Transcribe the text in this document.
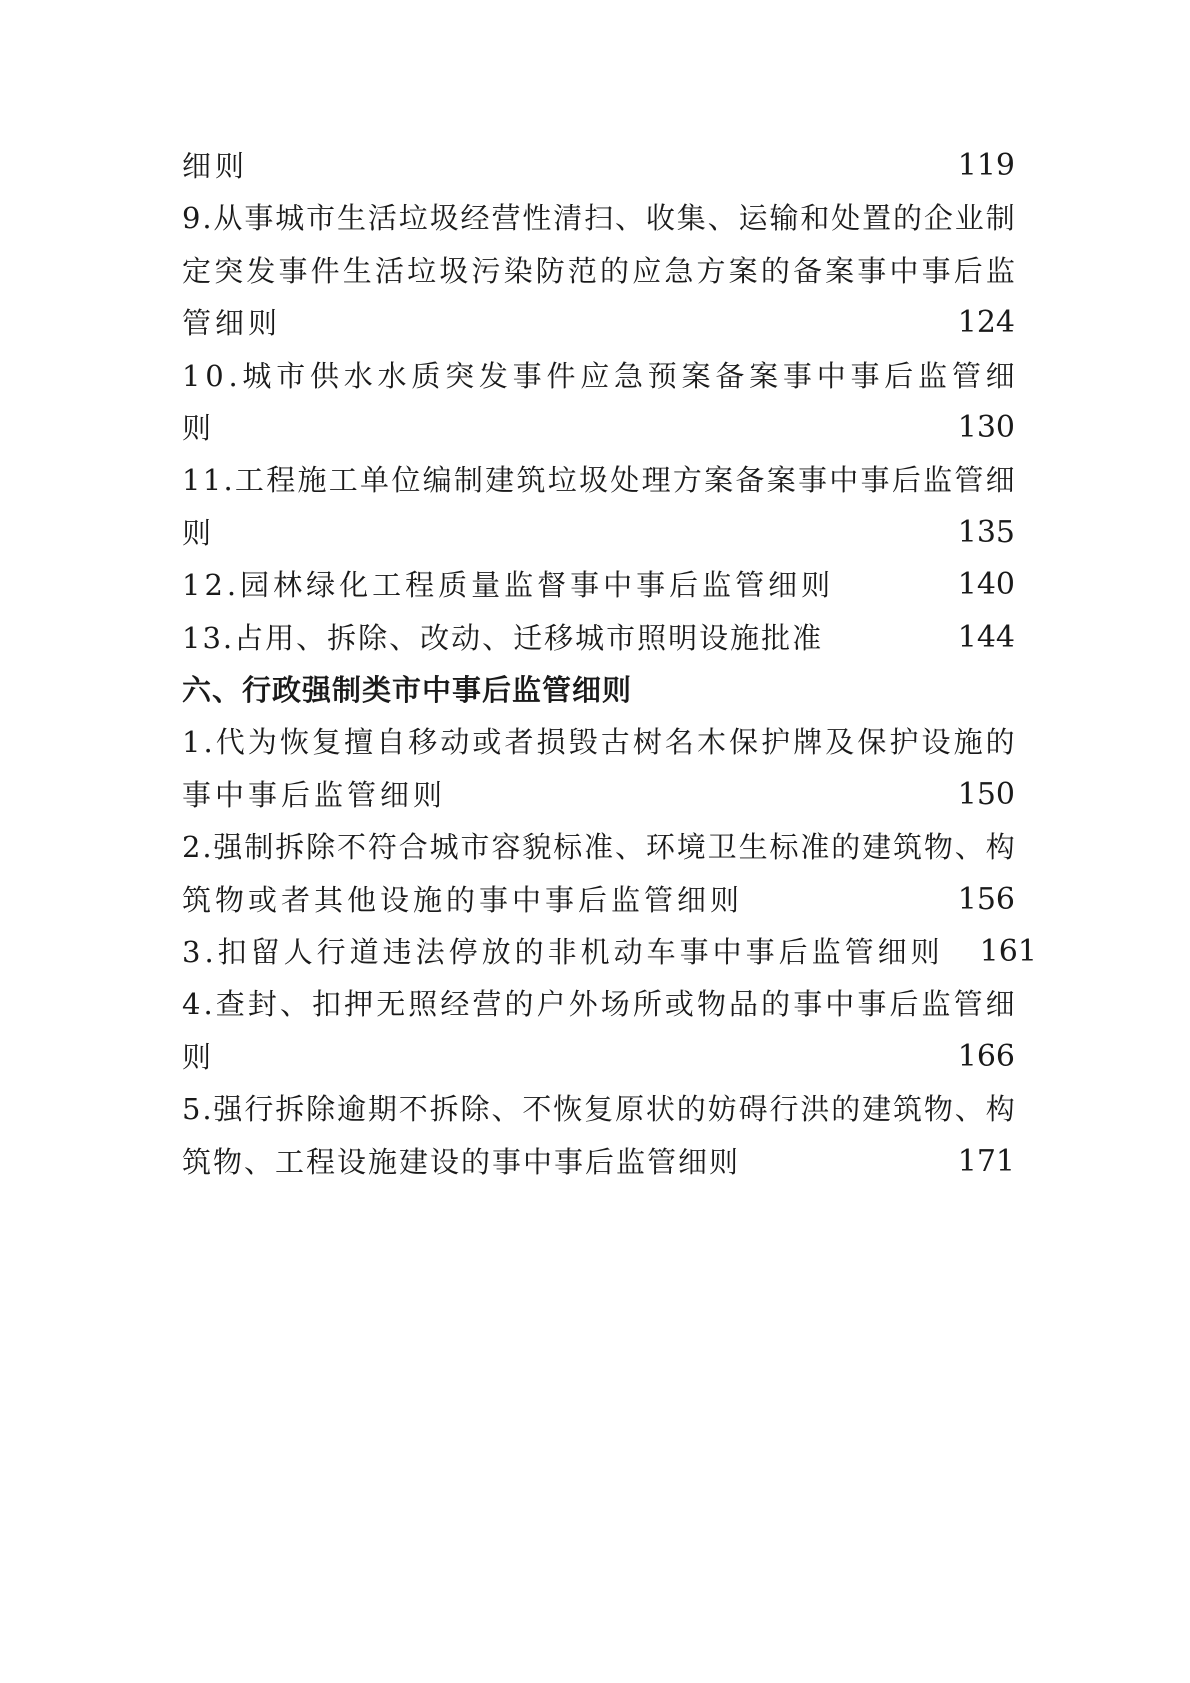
细则	119
9 . 从 事 城 市 生 活 垃 圾 经 营 性 清 扫 、 收 集 、 运 输 和 处 置 的 企 业 制
定 突 发 事 件 生 活 垃 圾 污 染 防 范 的 应 急 方 案 的 备 案 事 中 事 后 监
管细则	124
1 0 . 城 市 供 水 水 质 突 发 事 件 应 急 预 案 备 案 事 中 事 后 监 管 细
则	130
1 1 . 工 程 施 工 单 位 编 制 建 筑 垃 圾 处 理 方 案 备 案 事 中 事 后 监 管 细
则	135
12.园林绿化工程质量监督事中事后监管细则	140
13.占用、拆除、改动、迁移城市照明设施批准	144
六、行政强制类市中事后监管细则
1 . 代 为 恢 复 擅 自 移 动 或 者 损 毁 古 树 名 木 保 护 牌 及 保 护 设 施 的
事中事后监管细则	150
2 . 强 制 拆 除 不 符 合 城 市 容 貌 标 准 、 环 境 卫 生 标 准 的 建 筑 物 、 构
筑物或者其他设施的事中事后监管细则	156
3.扣留人行道违法停放的非机动车事中事后监管细则 161
4 . 查 封 、 扣 押 无 照 经 营 的 户 外 场 所 或 物 品 的 事 中 事 后 监 管 细
则	166
5 . 强 行 拆 除 逾 期 不 拆 除 、 不 恢 复 原 状 的 妨 碍 行 洪 的 建 筑 物 、 构
筑物、工程设施建设的事中事后监管细则	171
